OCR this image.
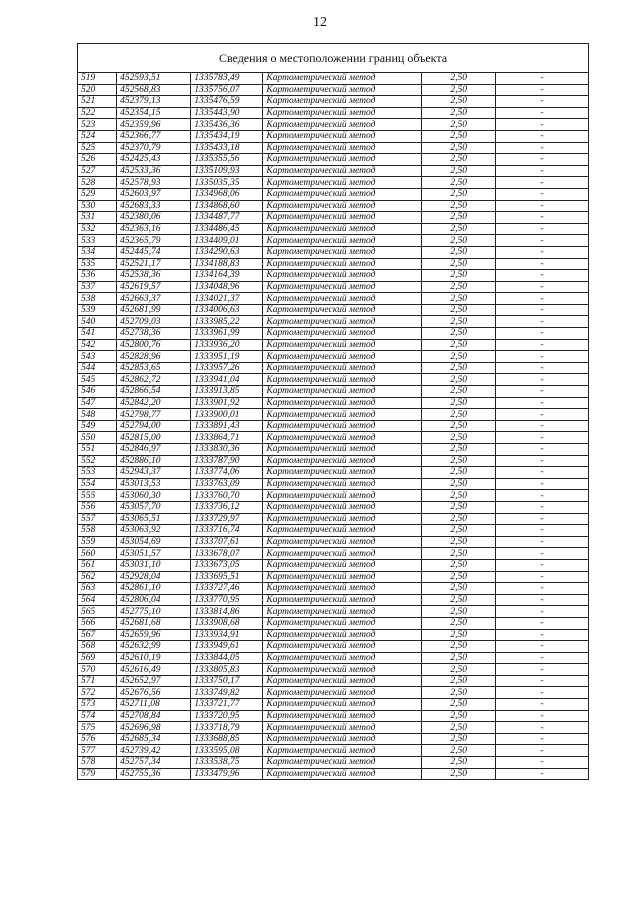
12
Сведения о местоположении границ объекта					
519	452593,51	1335783,49	Картометрический метод	2,50	-
520	452568,83	1335756,07	Картометрический метод	2,50	-
521	452379,13	1335476,59	Картометрический метод	2,50	-
522	452354,15	1335443,90	Картометрический метод	2,50	-
523	452359,96	1335436,36	Картометрический метод	2,50	-
524	452366,77	1335434,19	Картометрический метод	2,50	-
525	452370,79	1335433,18	Картометрический метод	2,50	-
526	452425,43	1335355,56	Картометрический метод	2,50	-
527	452533,36	1335109,93	Картометрический метод	2,50	-
528	452578,93	1335035,35	Картометрический метод	2,50	-
529	452603,97	1334968,06	Картометрический метод	2,50	-
530	452683,33	1334868,60	Картометрический метод	2,50	-
531	452380,06	1334487,77	Картометрический метод	2,50	-
532	452363,16	1334486,45	Картометрический метод	2,50	-
533	452365,79	1334409,01	Картометрический метод	2,50	-
534	452445,74	1334290,63	Картометрический метод	2,50	-
535	452521,17	1334188,83	Картометрический метод	2,50	-
536	452538,36	1334164,39	Картометрический метод	2,50	-
537	452619,57	1334048,96	Картометрический метод	2,50	-
538	452663,37	1334021,37	Картометрический метод	2,50	-
539	452681,99	1334006,63	Картометрический метод	2,50	-
540	452709,03	1333985,22	Картометрический метод	2,50	-
541	452738,36	1333961,99	Картометрический метод	2,50	-
542	452800,76	1333936,20	Картометрический метод	2,50	-
543	452828,96	1333951,19	Картометрический метод	2,50	-
544	452853,65	1333957,26	Картометрический метод	2,50	-
545	452862,72	1333941,04	Картометрический метод	2,50	-
546	452866,54	1333913,85	Картометрический метод	2,50	-
547	452842,20	1333901,92	Картометрический метод	2,50	-
548	452798,77	1333900,01	Картометрический метод	2,50	-
549	452794,00	1333891,43	Картометрический метод	2,50	-
550	452815,00	1333864,71	Картометрический метод	2,50	-
551	452846,97	1333830,36	Картометрический метод	2,50	-
552	452886,10	1333787,90	Картометрический метод	2,50	-
553	452943,37	1333774,06	Картометрический метод	2,50	-
554	453013,53	1333763,09	Картометрический метод	2,50	-
555	453060,30	1333760,70	Картометрический метод	2,50	-
556	453057,70	1333736,12	Картометрический метод	2,50	-
557	453065,51	1333729,97	Картометрический метод	2,50	-
558	453063,92	1333716,74	Картометрический метод	2,50	-
559	453054,69	1333707,61	Картометрический метод	2,50	-
560	453051,57	1333678,07	Картометрический метод	2,50	-
561	453031,10	1333673,05	Картометрический метод	2,50	-
562	452928,04	1333695,51	Картометрический метод	2,50	-
563	452861,10	1333727,46	Картометрический метод	2,50	-
564	452806,04	1333770,95	Картометрический метод	2,50	-
565	452775,10	1333814,86	Картометрический метод	2,50	-
566	452681,68	1333908,68	Картометрический метод	2,50	-
567	452659,96	1333934,91	Картометрический метод	2,50	-
568	452632,99	1333949,61	Картометрический метод	2,50	-
569	452610,19	1333844,05	Картометрический метод	2,50	-
570	452616,49	1333805,83	Картометрический метод	2,50	-
571	452652,97	1333750,17	Картометрический метод	2,50	-
572	452676,56	1333749,82	Картометрический метод	2,50	-
573	452711,08	1333721,77	Картометрический метод	2,50	-
574	452708,84	1333720,95	Картометрический метод	2,50	-
575	452696,98	1333718,79	Картометрический метод	2,50	-
576	452685,34	1333688,85	Картометрический метод	2,50	-
577	452739,42	1333595,08	Картометрический метод	2,50	-
578	452757,34	1333538,75	Картометрический метод	2,50	-
579	452755,36	1333479,96	Картометрический метод	2,50	-
